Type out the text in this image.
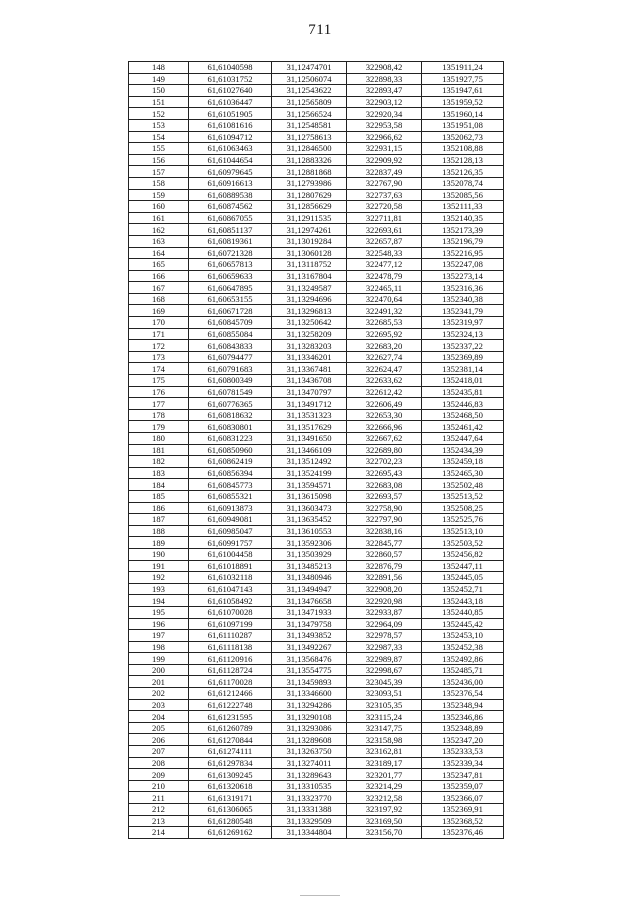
711
148	61,61040598	31,12474701	322908,42	1351911,24
149	61,61031752	31,12506074	322898,33	1351927,75
150	61,61027640	31,12543622	322893,47	1351947,61
151	61,61036447	31,12565809	322903,12	1351959,52
152	61,61051905	31,12566524	322920,34	1351960,14
153	61,61081616	31,12548581	322953,58	1351951,08
154	61,61094712	31,12758613	322966,62	1352062,73
155	61,61063463	31,12846500	322931,15	1352108,88
156	61,61044654	31,12883326	322909,92	1352128,13
157	61,60979645	31,12881868	322837,49	1352126,35
158	61,60916613	31,12793986	322767,90	1352078,74
159	61,60889538	31,12807629	322737,63	1352085,56
160	61,60874562	31,12856629	322720,58	1352111,33
161	61,60867055	31,12911535	322711,81	1352140,35
162	61,60851137	31,12974261	322693,61	1352173,39
163	61,60819361	31,13019284	322657,87	1352196,79
164	61,60721328	31,13060128	322548,33	1352216,95
165	61,60657813	31,13118752	322477,12	1352247,08
166	61,60659633	31,13167804	322478,79	1352273,14
167	61,60647895	31,13249587	322465,11	1352316,36
168	61,60653155	31,13294696	322470,64	1352340,38
169	61,60671728	31,13296813	322491,32	1352341,79
170	61,60845709	31,13250642	322685,53	1352319,97
171	61,60855084	31,13258209	322695,92	1352324,13
172	61,60843833	31,13283203	322683,20	1352337,22
173	61,60794477	31,13346201	322627,74	1352369,89
174	61,60791683	31,13367481	322624,47	1352381,14
175	61,60800349	31,13436708	322633,62	1352418,01
176	61,60781549	31,13470797	322612,42	1352435,81
177	61,60776365	31,13491712	322606,49	1352446,83
178	61,60818632	31,13531323	322653,30	1352468,50
179	61,60830801	31,13517629	322666,96	1352461,42
180	61,60831223	31,13491650	322667,62	1352447,64
181	61,60850960	31,13466109	322689,80	1352434,39
182	61,60862419	31,13512492	322702,23	1352459,18
183	61,60856394	31,13524199	322695,43	1352465,30
184	61,60845773	31,13594571	322683,08	1352502,48
185	61,60855321	31,13615098	322693,57	1352513,52
186	61,60913873	31,13603473	322758,90	1352508,25
187	61,60949081	31,13635452	322797,90	1352525,76
188	61,60985047	31,13610553	322838,16	1352513,10
189	61,60991757	31,13592306	322845,77	1352503,52
190	61,61004458	31,13503929	322860,57	1352456,82
191	61,61018891	31,13485213	322876,79	1352447,11
192	61,61032118	31,13480946	322891,56	1352445,05
193	61,61047143	31,13494947	322908,20	1352452,71
194	61,61058492	31,13476658	322920,98	1352443,18
195	61,61070028	31,13471933	322933,87	1352440,85
196	61,61097199	31,13479758	322964,09	1352445,42
197	61,61110287	31,13493852	322978,57	1352453,10
198	61,61118138	31,13492267	322987,33	1352452,38
199	61,61120916	31,13568476	322989,87	1352492,86
200	61,61128724	31,13554775	322998,67	1352485,71
201	61,61170028	31,13459893	323045,39	1352436,00
202	61,61212466	31,13346600	323093,51	1352376,54
203	61,61222748	31,13294286	323105,35	1352348,94
204	61,61231595	31,13290108	323115,24	1352346,86
205	61,61260789	31,13293086	323147,75	1352348,89
206	61,61270844	31,13289608	323158,98	1352347,20
207	61,61274111	31,13263750	323162,81	1352333,53
208	61,61297834	31,13274011	323189,17	1352339,34
209	61,61309245	31,13289643	323201,77	1352347,81
210	61,61320618	31,13310535	323214,29	1352359,07
211	61,61319171	31,13323770	323212,58	1352366,07
212	61,61306065	31,13331388	323197,92	1352369,91
213	61,61280548	31,13329509	323169,50	1352368,52
214	61,61269162	31,13344804	323156,70	1352376,46
